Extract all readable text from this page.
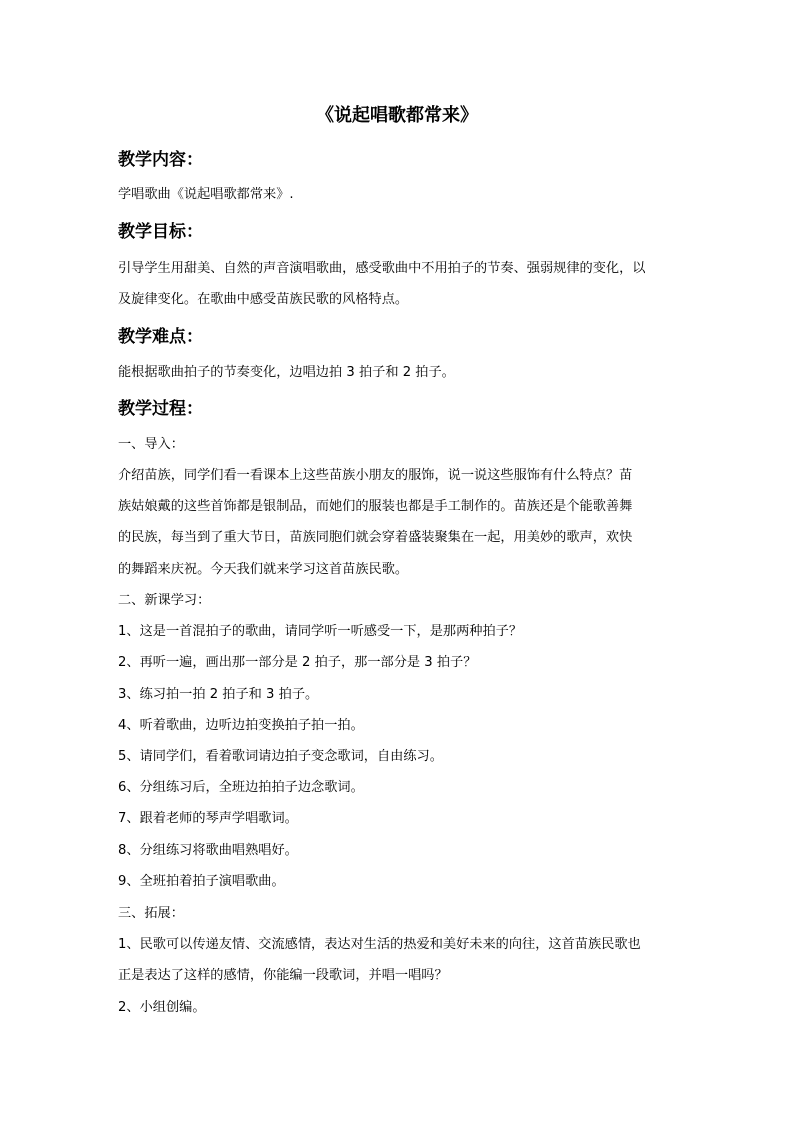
《说起唱歌都常来》
教学内容：
学唱歌曲《说起唱歌都常来》.
教学目标：
引导学生用甜美、自然的声音演唱歌曲，感受歌曲中不用拍子的节奏、强弱规律的变化，以
及旋律变化。在歌曲中感受苗族民歌的风格特点。
教学难点：
能根据歌曲拍子的节奏变化，边唱边拍 3 拍子和 2 拍子。
教学过程：
一、导入：
介绍苗族，同学们看一看课本上这些苗族小朋友的服饰，说一说这些服饰有什么特点？苗
族姑娘戴的这些首饰都是银制品，而她们的服装也都是手工制作的。苗族还是个能歌善舞
的民族，每当到了重大节日，苗族同胞们就会穿着盛装聚集在一起，用美妙的歌声，欢快
的舞蹈来庆祝。今天我们就来学习这首苗族民歌。
二、新课学习：
1、这是一首混拍子的歌曲，请同学听一听感受一下，是那两种拍子？
2、再听一遍，画出那一部分是 2 拍子，那一部分是 3 拍子？
3、练习拍一拍 2 拍子和 3 拍子。
4、听着歌曲，边听边拍变换拍子拍一拍。
5、请同学们，看着歌词请边拍子变念歌词，自由练习。
6、分组练习后，全班边拍拍子边念歌词。
7、跟着老师的琴声学唱歌词。
8、分组练习将歌曲唱熟唱好。
9、全班拍着拍子演唱歌曲。
三、拓展：
1、民歌可以传递友情、交流感情，表达对生活的热爱和美好未来的向往，这首苗族民歌也
正是表达了这样的感情，你能编一段歌词，并唱一唱吗？
2、小组创编。
